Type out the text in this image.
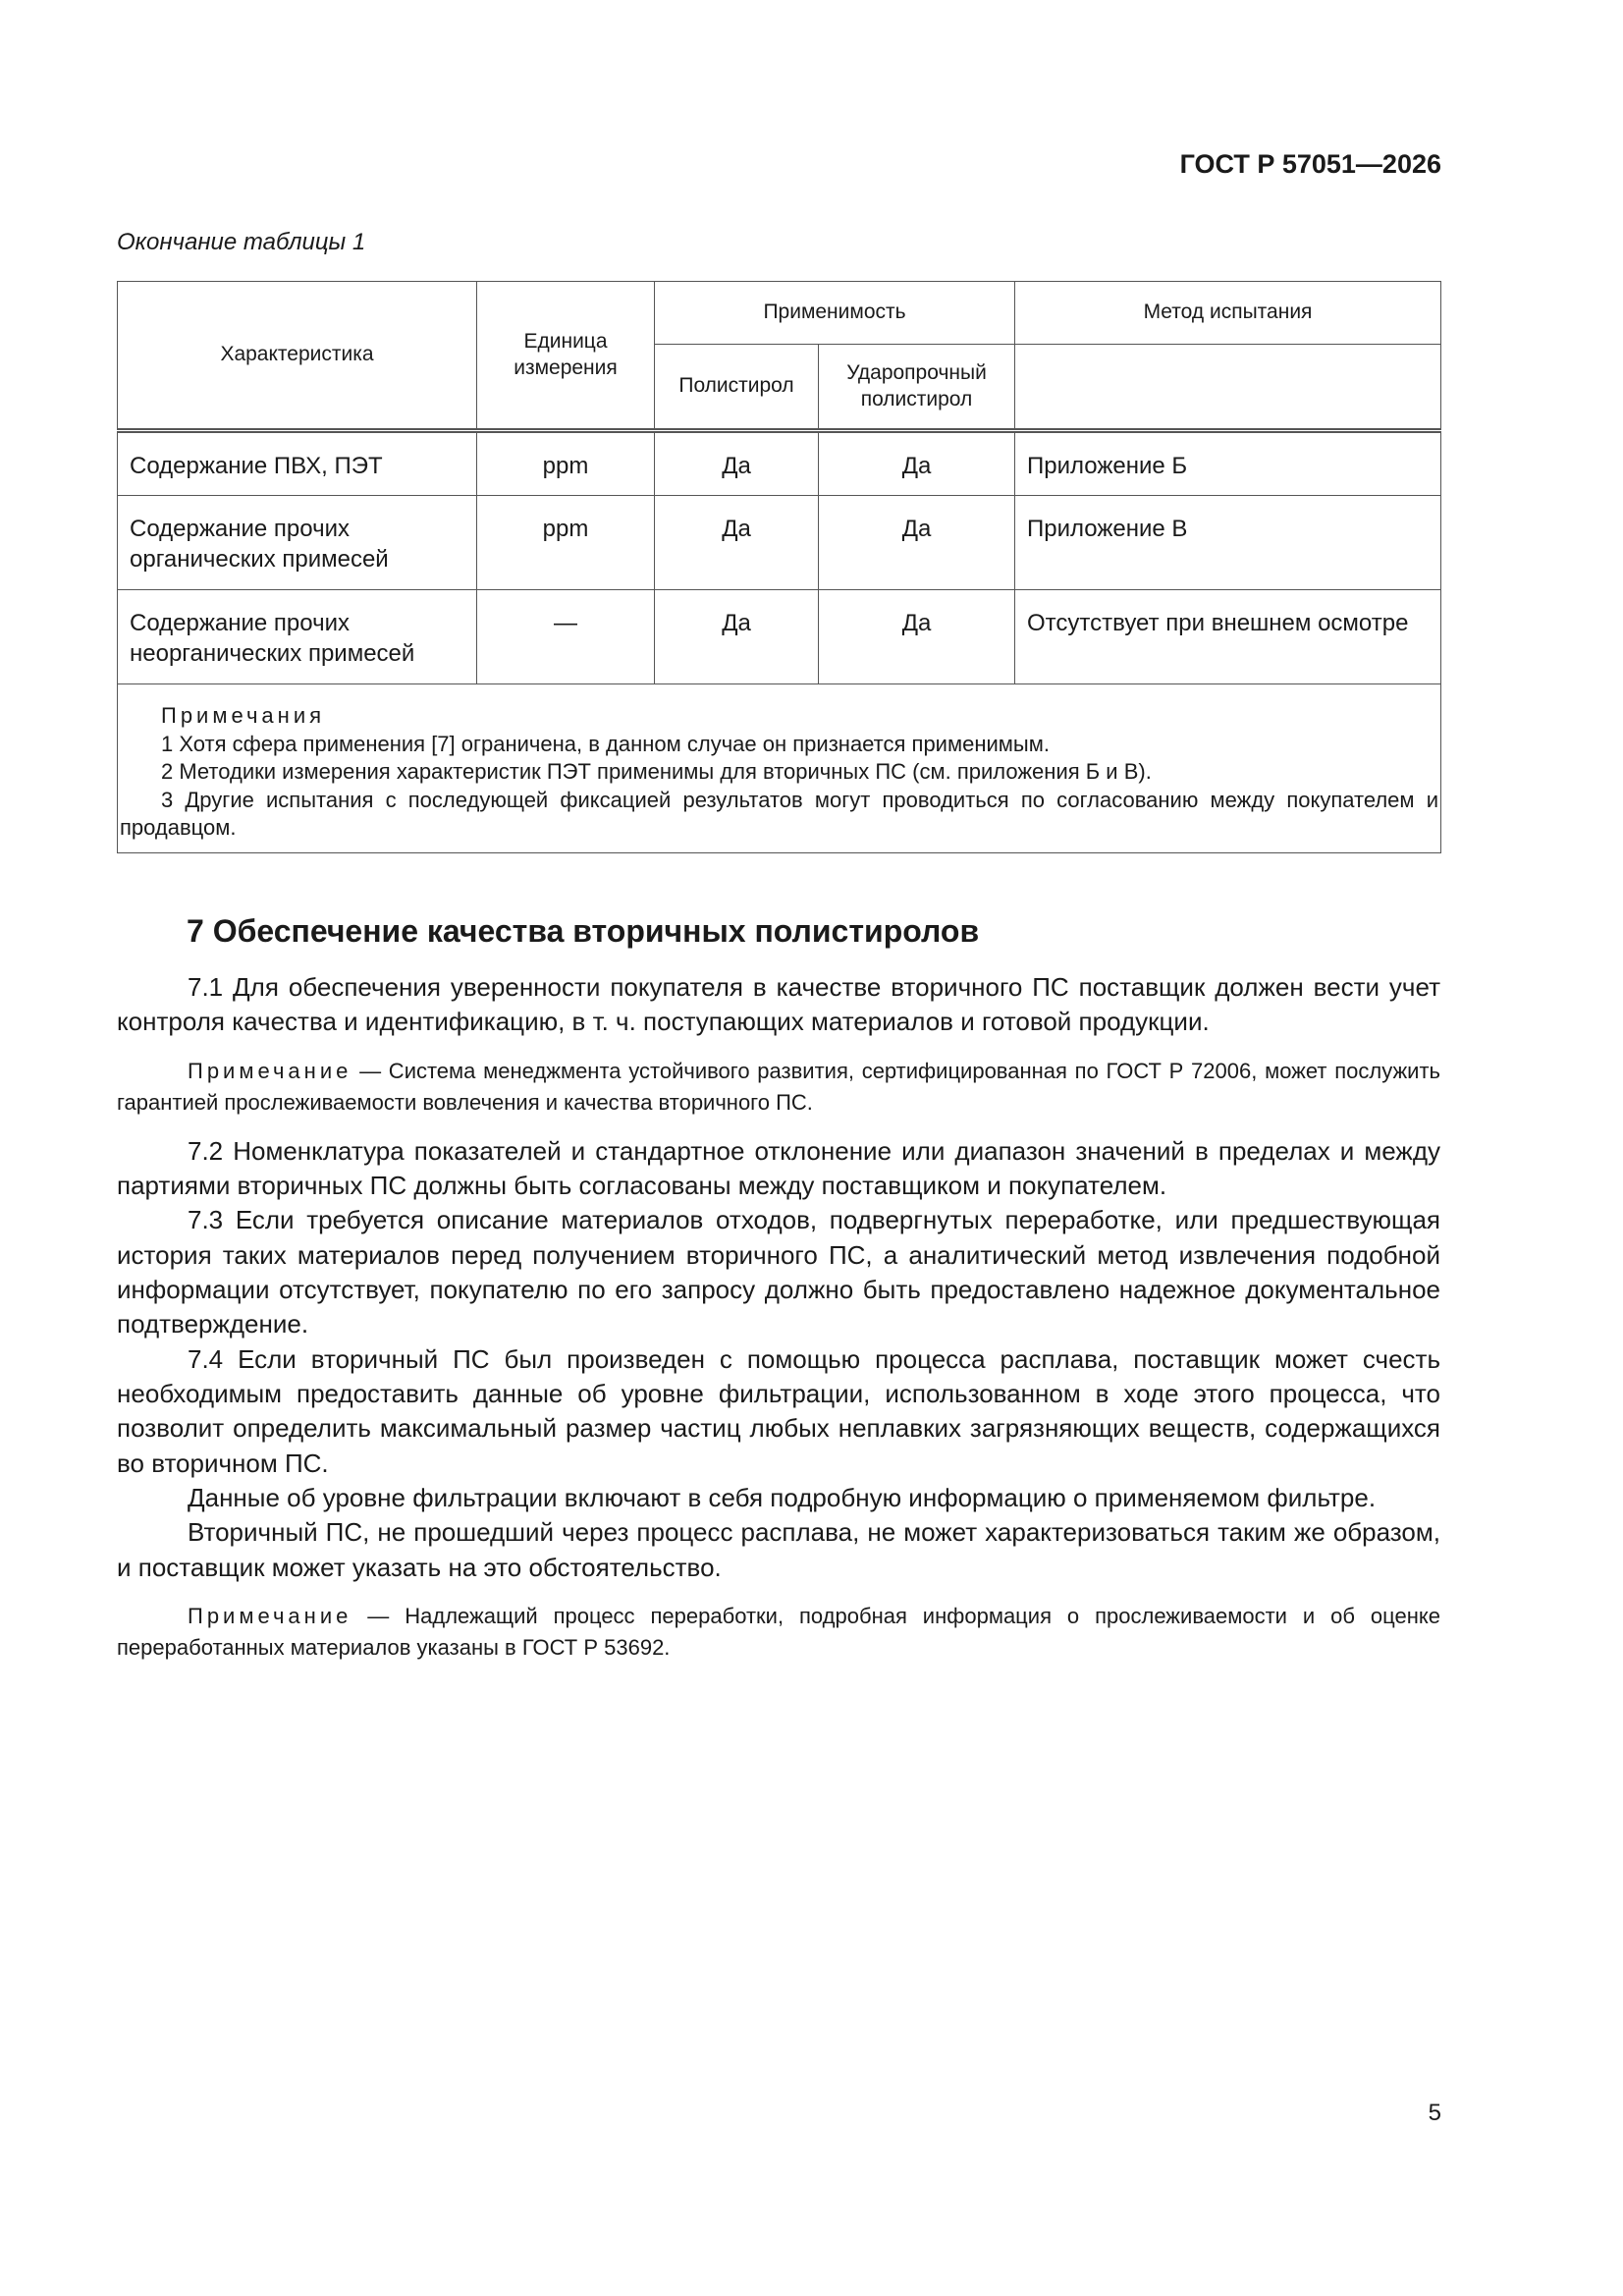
ГОСТ Р 57051—2026
Окончание таблицы 1
Характеристика	Единица измерения	Применимость		Метод испытания
		Полистирол	Ударопрочный полистирол	
Содержание ПВХ, ПЭТ	ppm	Да	Да	Приложение Б
Содержание прочих органических примесей	ppm	Да	Да	Приложение В
Содержание прочих неорганических примесей	—	Да	Да	Отсутствует при внешнем осмотре

Примечания
1 Хотя сфера применения [7] ограничена, в данном случае он признается применимым.
2 Методики измерения характеристик ПЭТ применимы для вторичных ПС (см. приложения Б и В).
3 Другие испытания с последующей фиксацией результатов могут проводиться по согласованию между покупателем и продавцом.				
7 Обеспечение качества вторичных полистиролов

7.1 Для обеспечения уверенности покупателя в качестве вторичного ПС поставщик должен вести учет контроля качества и идентификацию, в т. ч. поступающих материалов и готовой продукции.

Примечание — Система менеджмента устойчивого развития, сертифицированная по ГОСТ Р 72006, может послужить гарантией прослеживаемости вовлечения и качества вторичного ПС.

7.2 Номенклатура показателей и стандартное отклонение или диапазон значений в пределах и между партиями вторичных ПС должны быть согласованы между поставщиком и покупателем.

7.3 Если требуется описание материалов отходов, подвергнутых переработке, или предшествующая история таких материалов перед получением вторичного ПС, а аналитический метод извлечения подобной информации отсутствует, покупателю по его запросу должно быть предоставлено надежное документальное подтверждение.

7.4 Если вторичный ПС был произведен с помощью процесса расплава, поставщик может счесть необходимым предоставить данные об уровне фильтрации, использованном в ходе этого процесса, что позволит определить максимальный размер частиц любых неплавких загрязняющих веществ, содержащихся во вторичном ПС.

Данные об уровне фильтрации включают в себя подробную информацию о применяемом фильтре.

Вторичный ПС, не прошедший через процесс расплава, не может характеризоваться таким же образом, и поставщик может указать на это обстоятельство.

Примечание — Надлежащий процесс переработки, подробная информация о прослеживаемости и об оценке переработанных материалов указаны в ГОСТ Р 53692.

5
